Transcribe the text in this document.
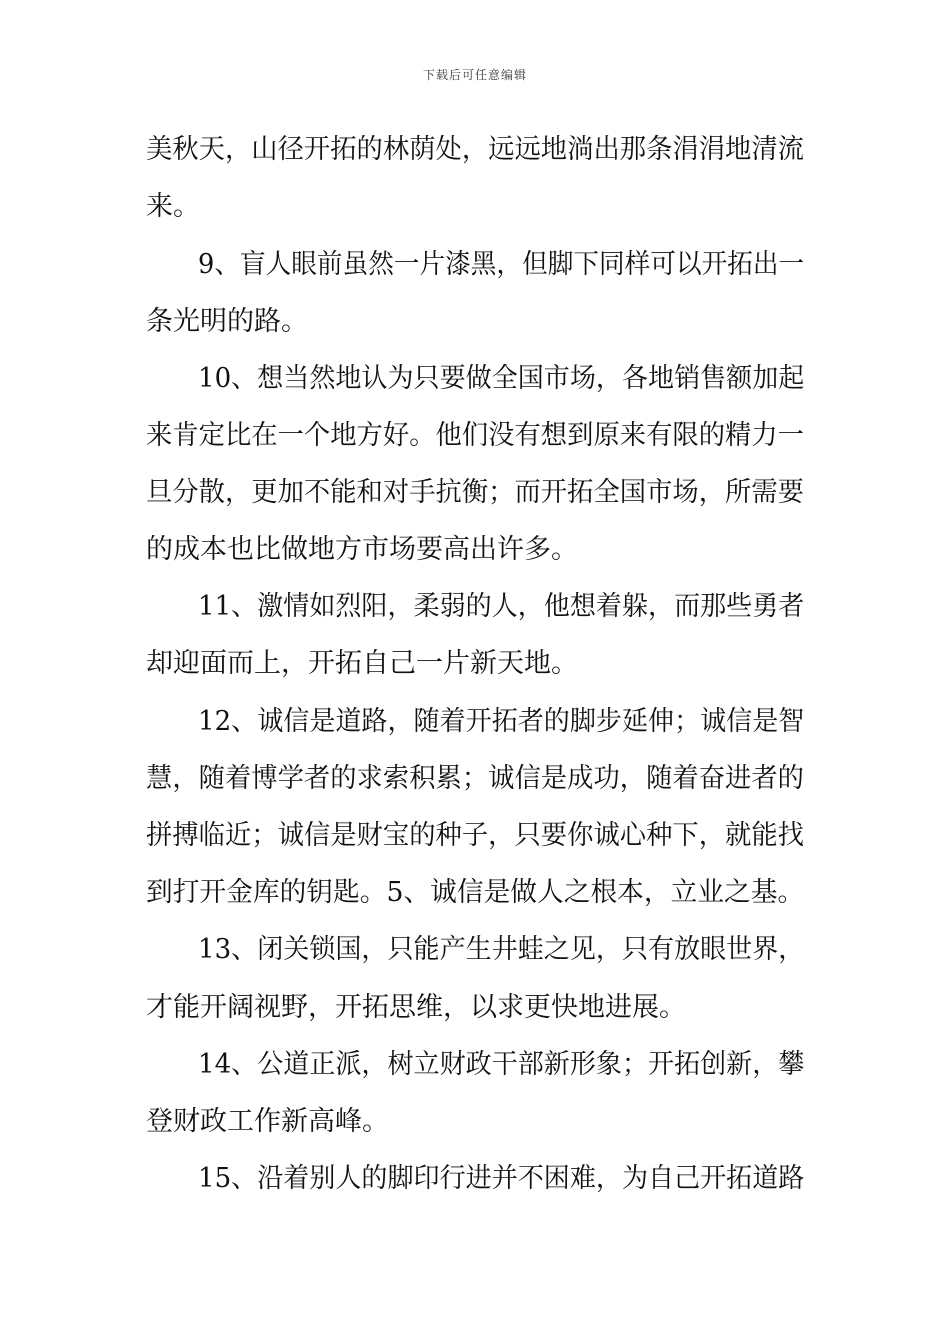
下载后可任意编辑
美秋天，山径开拓的林荫处，远远地淌出那条涓涓地清流
来。
9、盲人眼前虽然一片漆黑，但脚下同样可以开拓出一
条光明的路。
10、想当然地认为只要做全国市场，各地销售额加起
来肯定比在一个地方好。他们没有想到原来有限的精力一
旦分散，更加不能和对手抗衡；而开拓全国市场，所需要
的成本也比做地方市场要高出许多。
11、激情如烈阳，柔弱的人，他想着躲，而那些勇者
却迎面而上，开拓自己一片新天地。
12、诚信是道路，随着开拓者的脚步延伸；诚信是智
慧，随着博学者的求索积累；诚信是成功，随着奋进者的
拼搏临近；诚信是财宝的种子，只要你诚心种下，就能找
到打开金库的钥匙。5、诚信是做人之根本，立业之基。
13、闭关锁国，只能产生井蛙之见，只有放眼世界，
才能开阔视野，开拓思维，以求更快地进展。
14、公道正派，树立财政干部新形象；开拓创新，攀
登财政工作新高峰。
15、沿着别人的脚印行进并不困难，为自己开拓道路
